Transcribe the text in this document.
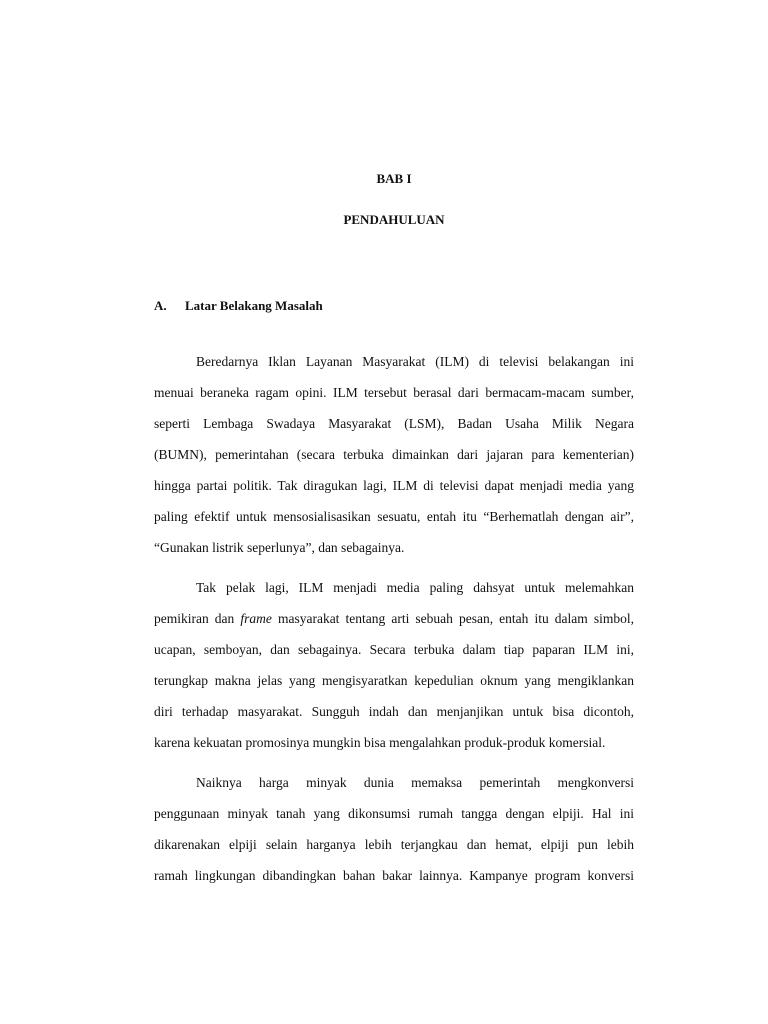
BAB I
PENDAHULUAN
A. Latar Belakang Masalah
Beredarnya Iklan Layanan Masyarakat (ILM) di televisi belakangan ini
menuai beraneka ragam opini. ILM tersebut berasal dari bermacam-macam sumber,
seperti Lembaga Swadaya Masyarakat (LSM), Badan Usaha Milik Negara
(BUMN), pemerintahan (secara terbuka dimainkan dari jajaran para kementerian)
hingga partai politik. Tak diragukan lagi, ILM di televisi dapat menjadi media yang
paling efektif untuk mensosialisasikan sesuatu, entah itu “Berhematlah dengan air”,
“Gunakan listrik seperlunya”, dan sebagainya.
Tak pelak lagi, ILM menjadi media paling dahsyat untuk melemahkan
pemikiran dan frame masyarakat tentang arti sebuah pesan, entah itu dalam simbol,
ucapan, semboyan, dan sebagainya. Secara terbuka dalam tiap paparan ILM ini,
terungkap makna jelas yang mengisyaratkan kepedulian oknum yang mengiklankan
diri terhadap masyarakat. Sungguh indah dan menjanjikan untuk bisa dicontoh,
karena kekuatan promosinya mungkin bisa mengalahkan produk-produk komersial.
Naiknya harga minyak dunia memaksa pemerintah mengkonversi
penggunaan minyak tanah yang dikonsumsi rumah tangga dengan elpiji. Hal ini
dikarenakan elpiji selain harganya lebih terjangkau dan hemat, elpiji pun lebih
ramah lingkungan dibandingkan bahan bakar lainnya. Kampanye program konversi
